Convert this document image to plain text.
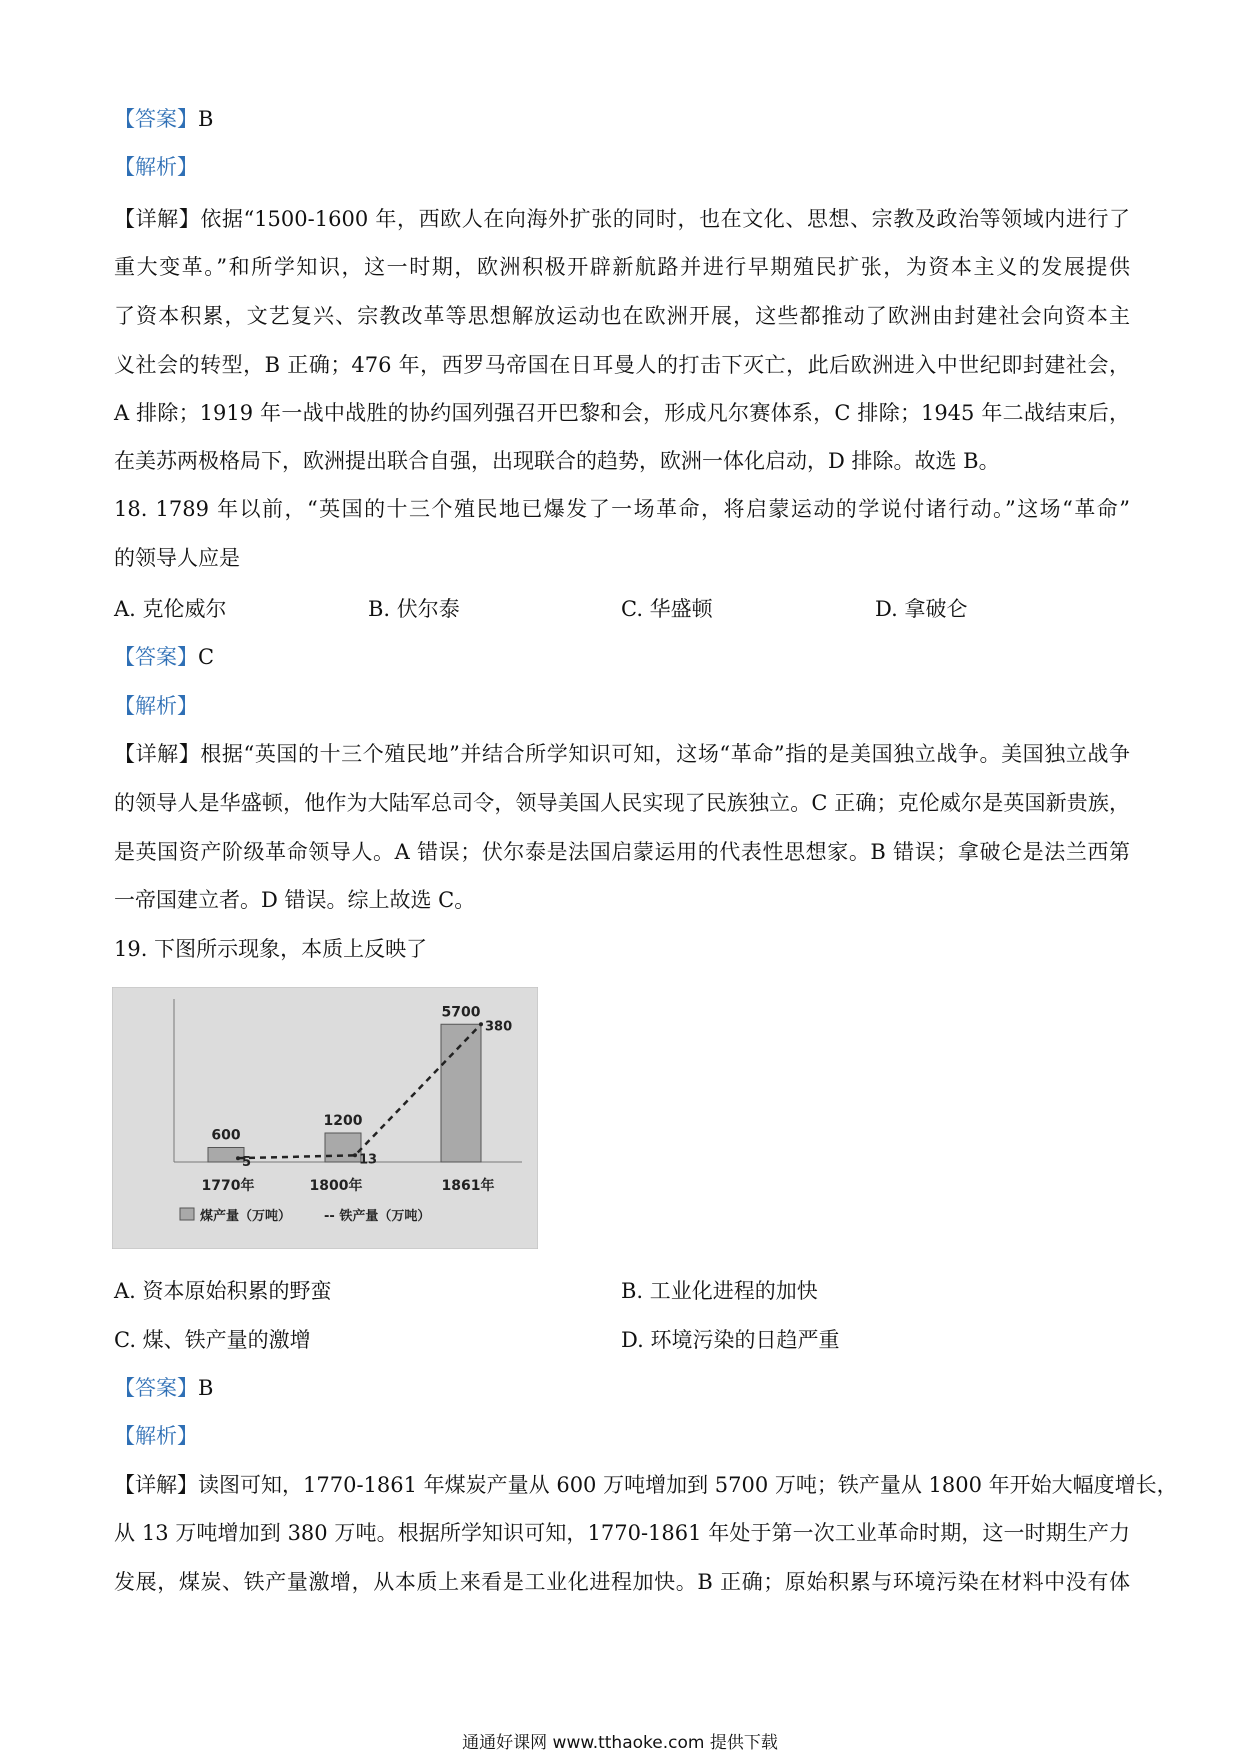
【答案】B
【解析】
【详解】依据“1500-1600 年，西欧人在向海外扩张的同时，也在文化、思想、宗教及政治等领域内进行了
重大变革。”和所学知识，这一时期，欧洲积极开辟新航路并进行早期殖民扩张，为资本主义的发展提供
了资本积累，文艺复兴、宗教改革等思想解放运动也在欧洲开展，这些都推动了欧洲由封建社会向资本主
义社会的转型，B 正确；476 年，西罗马帝国在日耳曼人的打击下灭亡，此后欧洲进入中世纪即封建社会，
A 排除；1919 年一战中战胜的协约国列强召开巴黎和会，形成凡尔赛体系，C 排除；1945 年二战结束后，
在美苏两极格局下，欧洲提出联合自强，出现联合的趋势，欧洲一体化启动，D 排除。故选 B。
18. 1789 年以前，“英国的十三个殖民地已爆发了一场革命，将启蒙运动的学说付诸行动。”这场“革命”
的领导人应是
A. 克伦威尔	B. 伏尔泰	C. 华盛顿	D. 拿破仑
【答案】C
【解析】
【详解】根据“英国的十三个殖民地”并结合所学知识可知，这场“革命”指的是美国独立战争。美国独立战争
的领导人是华盛顿，他作为大陆军总司令，领导美国人民实现了民族独立。C 正确；克伦威尔是英国新贵族，
是英国资产阶级革命领导人。A 错误；伏尔泰是法国启蒙运用的代表性思想家。B 错误；拿破仑是法兰西第
一帝国建立者。D 错误。综上故选 C。
19. 下图所示现象，本质上反映了
600
1200
5700
5	13
380
1770年	1800年	1861年
煤产量（万吨）	-- 铁产量（万吨）
A. 资本原始积累的野蛮	B. 工业化进程的加快
C. 煤、铁产量的激增	D. 环境污染的日趋严重
【答案】B
【解析】
【详解】读图可知，1770-1861 年煤炭产量从 600 万吨增加到 5700 万吨；铁产量从 1800 年开始大幅度增长，
从 13 万吨增加到 380 万吨。根据所学知识可知，1770-1861 年处于第一次工业革命时期，这一时期生产力
发展，煤炭、铁产量激增，从本质上来看是工业化进程加快。B 正确；原始积累与环境污染在材料中没有体
通通好课网 www.tthaoke.com 提供下载
